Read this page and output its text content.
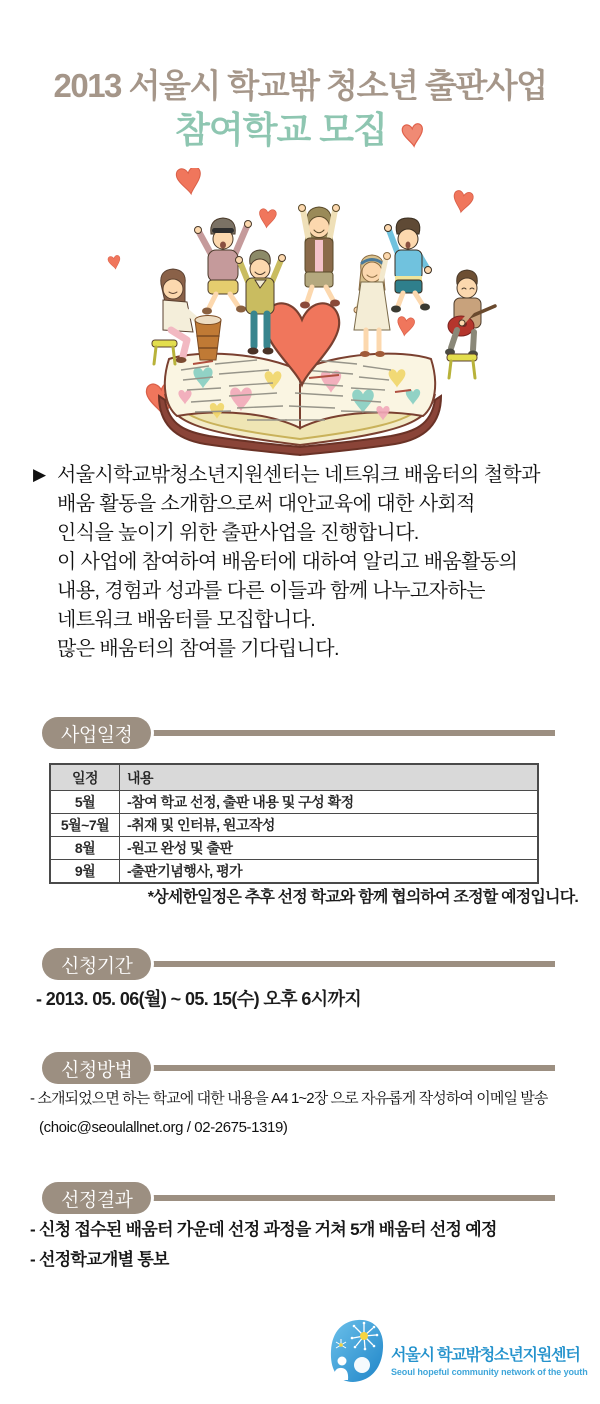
2013 서울시 학교밖 청소년 출판사업
참여학교 모집
▶ 서울시학교밖청소년지원센터는 네트워크 배움터의 철학과
배움 활동을 소개함으로써 대안교육에 대한 사회적
인식을 높이기 위한 출판사업을 진행합니다.
이 사업에 참여하여 배움터에 대하여 알리고 배움활동의
내용, 경험과 성과를 다른 이들과 함께 나누고자하는
네트워크 배움터를 모집합니다.
많은 배움터의 참여를 기다립니다.
사업일정
일정	내용
5월	-참여 학교 선정, 출판 내용 및 구성 확정
5월~7월	-취재 및 인터뷰, 원고작성
8월	-원고 완성 및 출판
9월	-출판기념행사, 평가
*상세한일정은 추후 선정 학교와 함께 협의하여 조정할 예정입니다.
신청기간
- 2013. 05. 06(월) ~ 05. 15(수) 오후 6시까지
신청방법
- 소개되었으면 하는 학교에 대한 내용을 A4 1~2장 으로 자유롭게 작성하여 이메일 발송
(choic@seoulallnet.org / 02-2675-1319)
선정결과
- 신청 접수된 배움터 가운데 선정 과정을 거쳐 5개 배움터 선정 예정
- 선정학교개별 통보
서울시 학교밖청소년지원센터
Seoul hopeful community network of the youth
